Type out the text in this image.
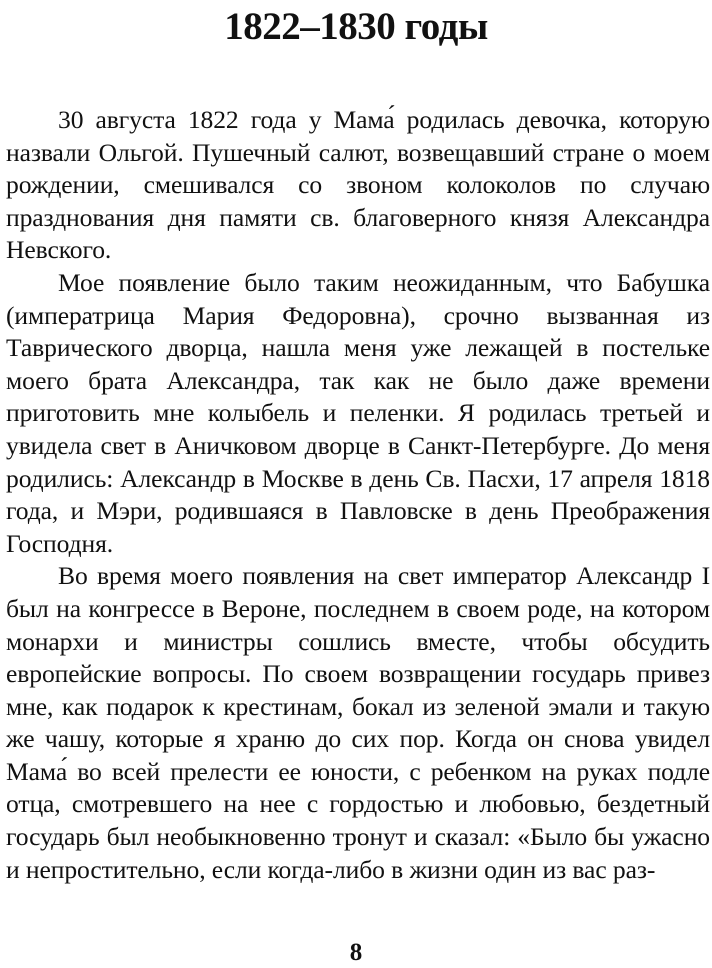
1822–1830 годы

30 августа 1822 года у Мама́ родилась девочка, которую назвали Ольгой. Пушечный салют, возвещавший стране о моем рождении, смешивался со звоном колоколов по случаю празднования дня памяти св. благоверного князя Александра Невского.

Мое появление было таким неожиданным, что Бабушка (императрица Мария Федоровна), срочно вызванная из Таврического дворца, нашла меня уже лежащей в постельке моего брата Александра, так как не было даже времени приготовить мне колыбель и пеленки. Я родилась третьей и увидела свет в Аничковом дворце в Санкт-Петербурге. До меня родились: Александр в Москве в день Св. Пасхи, 17 апреля 1818 года, и Мэри, родившаяся в Павловске в день Преображения Господня.

Во время моего появления на свет император Александр I был на конгрессе в Вероне, последнем в своем роде, на котором монархи и министры сошлись вместе, чтобы обсудить европейские вопросы. По своем возвращении государь привез мне, как подарок к крестинам, бокал из зеленой эмали и такую же чашу, которые я храню до сих пор. Когда он снова увидел Мама́ во всей прелести ее юности, с ребенком на руках подле отца, смотревшего на нее с гордостью и любовью, бездетный государь был необыкновенно тронут и сказал: «Было бы ужасно и непростительно, если когда-либо в жизни один из вас раз-

8
